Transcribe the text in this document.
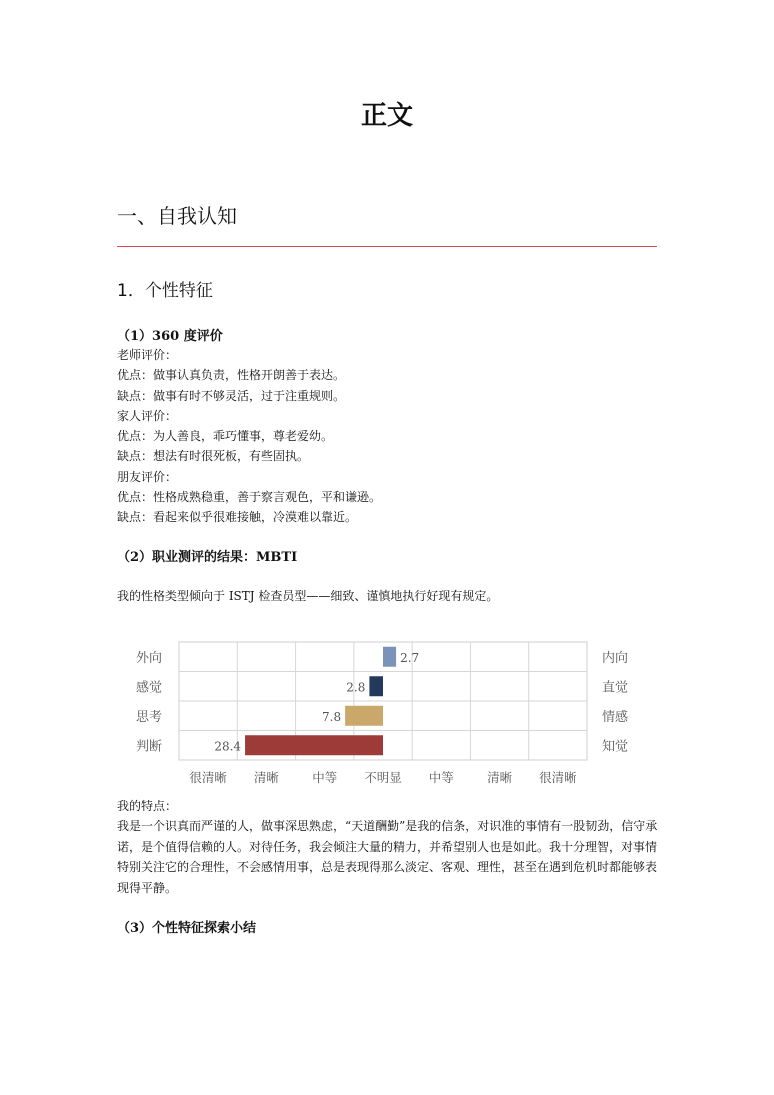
正文
一、自我认知
1．个性特征
（1）360 度评价
老师评价：
优点：做事认真负责，性格开朗善于表达。
缺点：做事有时不够灵活，过于注重规则。
家人评价：
优点：为人善良，乖巧懂事，尊老爱幼。
缺点：想法有时很死板，有些固执。
朋友评价：
优点：性格成熟稳重，善于察言观色，平和谦逊。
缺点：看起来似乎很难接触，冷漠难以靠近。
（2）职业测评的结果：MBTI
我的性格类型倾向于 ISTJ 检查员型——细致、谨慎地执行好现有规定。
2.7
外向	内向
2.8
感觉	直觉
7.8
思考	情感
28.4
判断	知觉
很清晰 清晰	中等 不明显 中等	清晰 很清晰
我的特点：
我是一个识真而严谨的人，做事深思熟虑，“天道酬勤”是我的信条，对识准的事情有一股韧劲，信守承诺，是个值得信赖的人。对待任务，我会倾注大量的精力，并希望别人也是如此。我十分理智，对事情特别关注它的合理性，不会感情用事，总是表现得那么淡定、客观、理性，甚至在遇到危机时都能够表现得平静。
（3）个性特征探索小结
